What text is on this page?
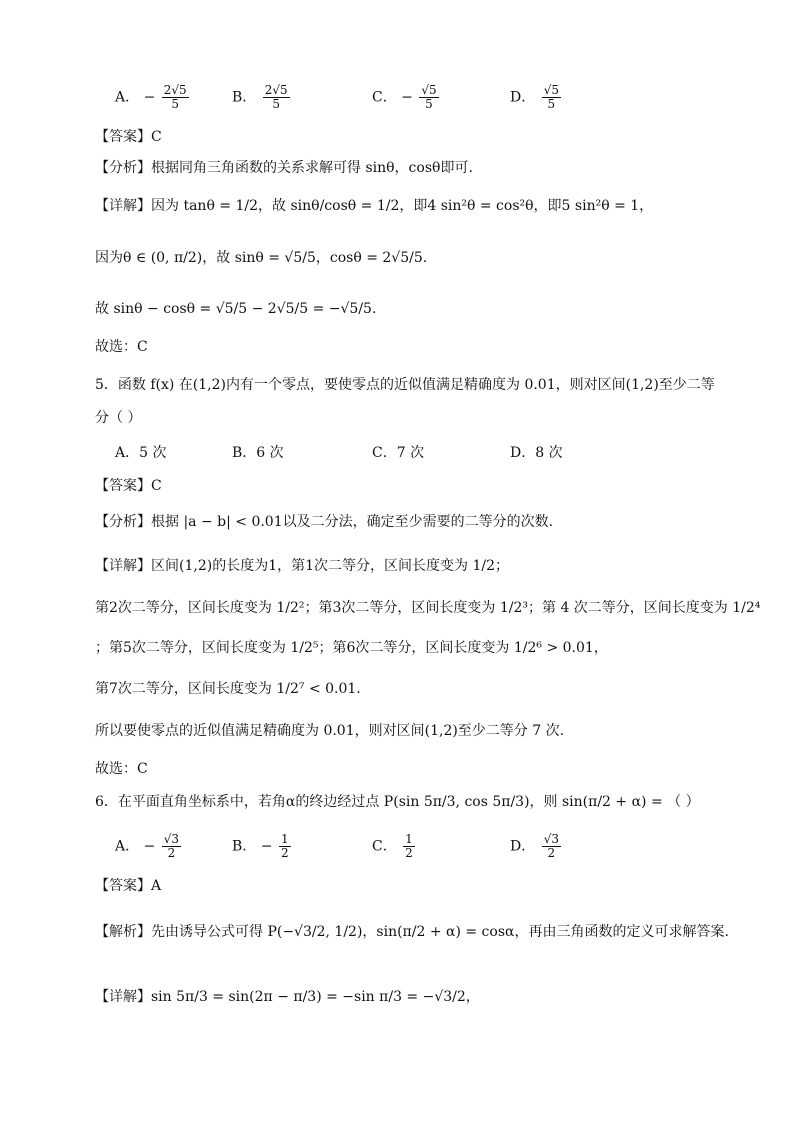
A． − $\frac{2√5}{5}$	B． $\frac{2√5}{5}$	C． − $\frac{√5}{5}$	D． $\frac{√5}{5}$
【答案】C
【分析】根据同角三角函数的关系求解可得 sinθ，cosθ即可.
【详解】因为 tanθ = 1/2，故 sinθ/cosθ = 1/2，即4 sin²θ = cos²θ，即5 sin²θ = 1，
因为θ ∈ (0, π/2)，故 sinθ = √5/5，cosθ = 2√5/5.
故 sinθ − cosθ = √5/5 − 2√5/5 = −√5/5.
故选：C
5．函数 f(x) 在(1,2)内有一个零点，要使零点的近似值满足精确度为 0.01，则对区间(1,2)至少二等
分（ ）
A．5 次	B．6 次	C．7 次	D．8 次
【答案】C
【分析】根据 |a − b| < 0.01以及二分法，确定至少需要的二等分的次数.
【详解】区间(1,2)的长度为1，第1次二等分，区间长度变为 1/2；
第2次二等分，区间长度变为 1/2²；第3次二等分，区间长度变为 1/2³；第 4 次二等分，区间长度变为 1/2⁴
；第5次二等分，区间长度变为 1/2⁵；第6次二等分，区间长度变为 1/2⁶ > 0.01，
第7次二等分，区间长度变为 1/2⁷ < 0.01.
所以要使零点的近似值满足精确度为 0.01，则对区间(1,2)至少二等分 7 次.
故选：C
6．在平面直角坐标系中，若角α的终边经过点 P(sin 5π/3, cos 5π/3)，则 sin(π/2 + α) = （ ）
A． − $\frac{√3}{2}$	B． − $\frac{1}{2}$	C． $\frac{1}{2}$	D． $\frac{√3}{2}$
【答案】A
【解析】先由诱导公式可得 P(−√3/2, 1/2)，sin(π/2 + α) = cosα，再由三角函数的定义可求解答案.
【详解】sin 5π/3 = sin(2π − π/3) = −sin π/3 = −√3/2，
